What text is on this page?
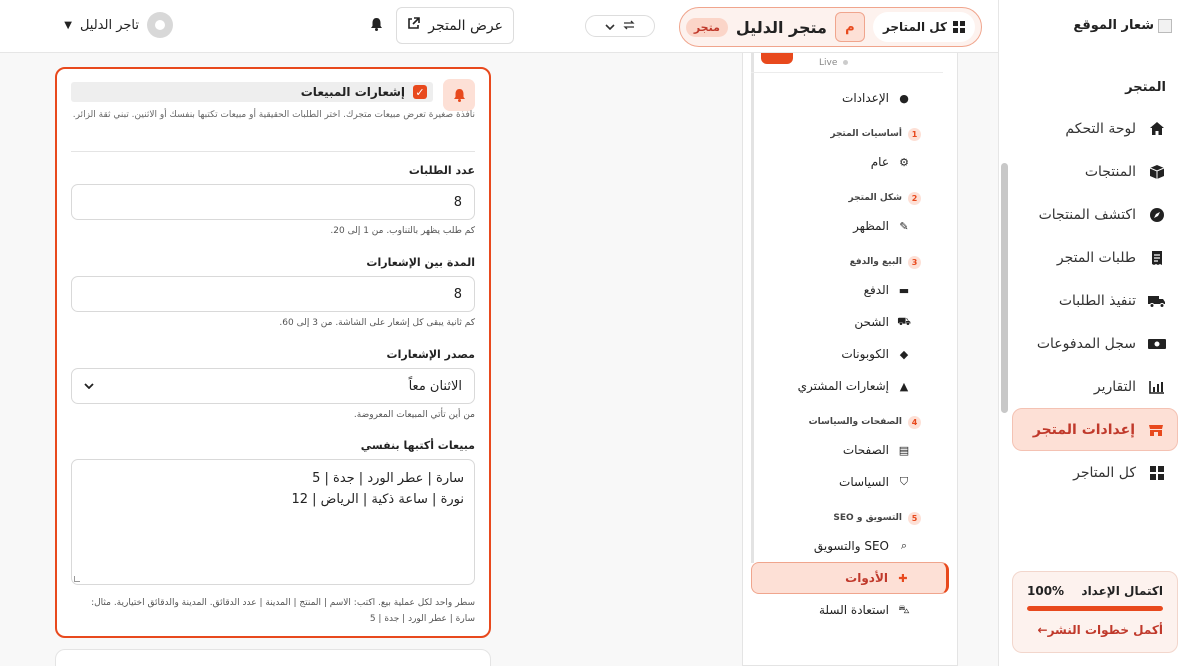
شعار الموقع
المتجر
لوحة التحكم
المنتجات
اكتشف المنتجات
طلبات المتجر
تنفيذ الطلبات
سجل المدفوعات
التقارير
إعدادات المتجر
كل المتاجر
اكتمال الإعداد
100%
أكمل خطوات النشر←
كل المتاجر
م
متجر الدليل
متجر
عرض المتجر
تاجر الدليل
▼
Live
●
الإعدادات
1
أساسيات المتجر
⚙
عام
2
شكل المتجر
✎
المظهر
3
البيع والدفع
▬
الدفع
⛟
الشحن
◆
الكوبونات
▲
إشعارات المشتري
4
الصفحات والسياسات
▤
الصفحات
⛉
السياسات
5
التسويق و SEO
⌕
SEO والتسويق
✚
الأدوات
⛍
استعادة السلة
✓
إشعارات المبيعات
نافذة صغيرة تعرض مبيعات متجرك. اختر الطلبات الحقيقية أو مبيعات تكتبها بنفسك أو الاثنين. تبني ثقة الزائر.
عدد الطلبات
8
كم طلب يظهر بالتناوب. من 1 إلى 20.
المدة بين الإشعارات
8
كم ثانية يبقى كل إشعار على الشاشة. من 3 إلى 60.
مصدر الإشعارات
الاثنان معاً
من أين تأتي المبيعات المعروضة.
مبيعات أكتبها بنفسي
سارة | عطر الورد | جدة | 5
نورة | ساعة ذكية | الرياض | 12
سطر واحد لكل عملية بيع. اكتب: الاسم | المنتج | المدينة | عدد الدقائق. المدينة والدقائق اختيارية. مثال: سارة | عطر الورد | جدة | 5
